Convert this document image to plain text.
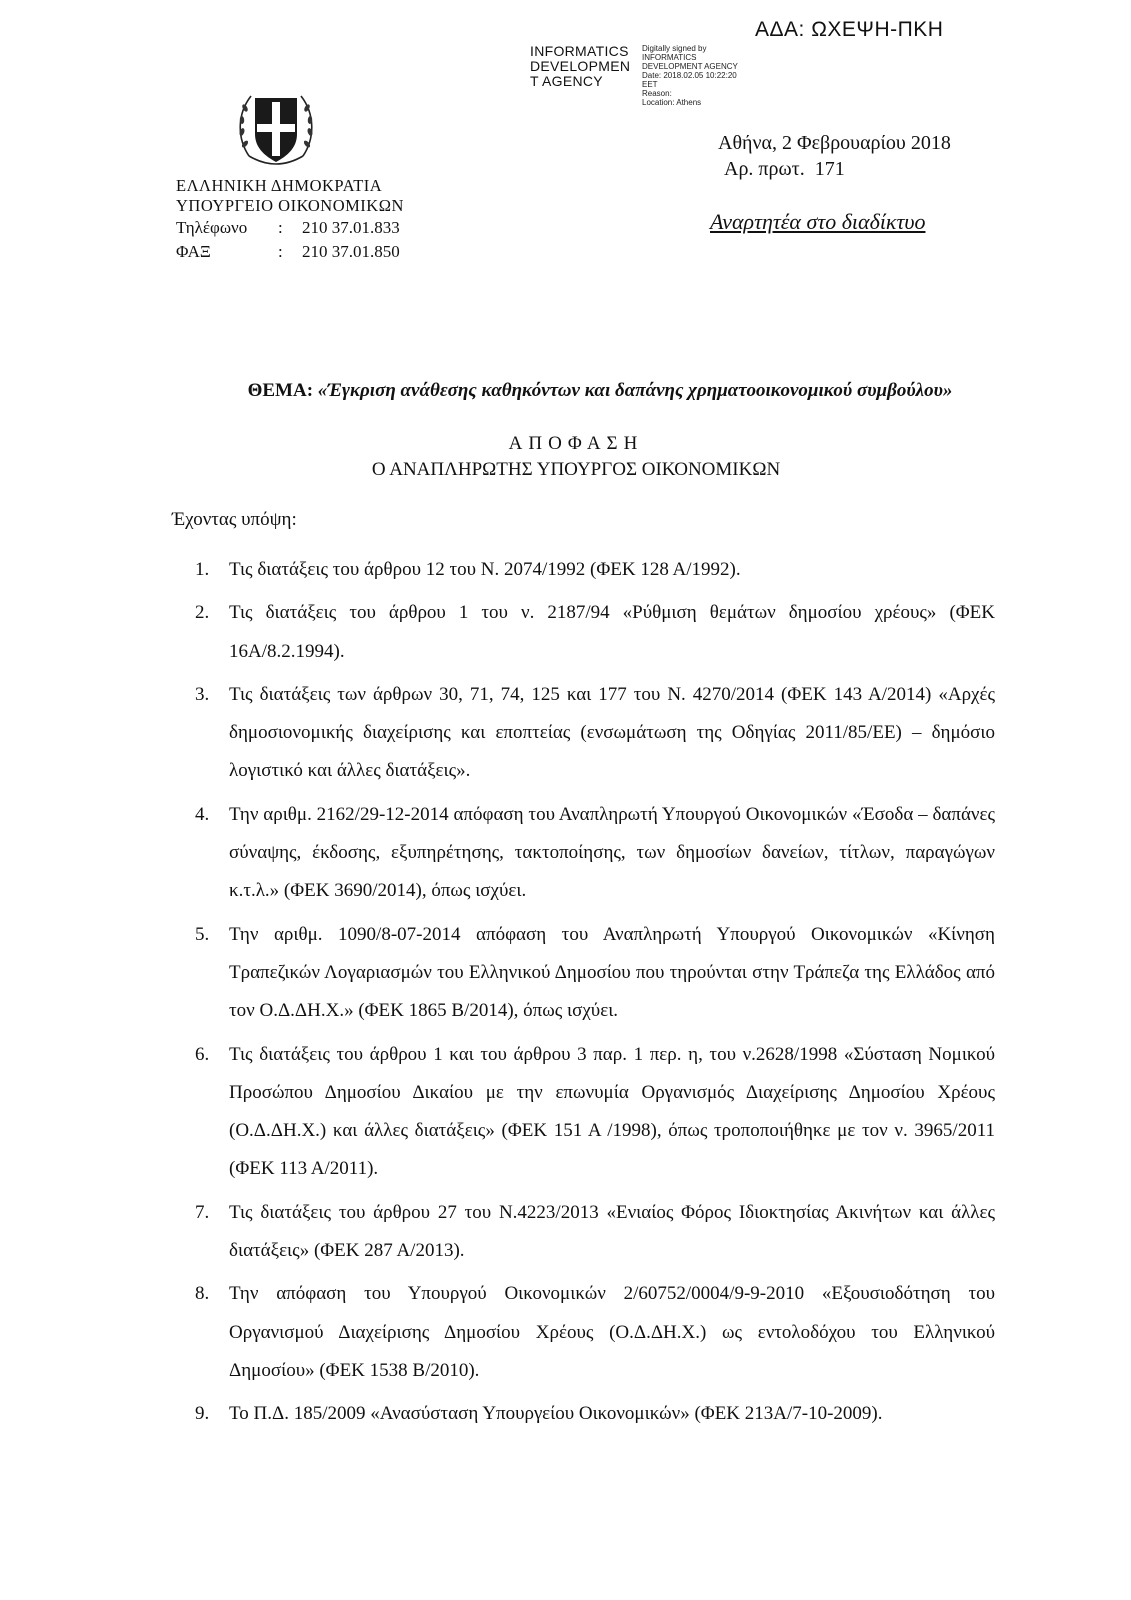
ΑΔΑ: ΩΧΕΨΗ-ΠΚΗ
INFORMATICS
DEVELOPMEN
T AGENCY
Digitally signed by
INFORMATICS
DEVELOPMENT AGENCY
Date: 2018.02.05 10:22:20
EET
Reason:
Location: Athens
ΕΛΛΗΝΙΚΗ ΔΗΜΟΚΡΑΤΙΑ
ΥΠΟΥΡΓΕΙΟ ΟΙΚΟΝΟΜΙΚΩΝ
Τηλέφωνο	:	210 37.01.833
ΦΑΞ	:	210 37.01.850
Αθήνα, 2 Φεβρουαρίου 2018
Αρ. πρωτ. 171
Αναρτητέα στο διαδίκτυο
ΘΕΜΑ: «Έγκριση ανάθεσης καθηκόντων και δαπάνης χρηματοοικονομικού συμβούλου»
ΑΠΟΦΑΣΗ
Ο ΑΝΑΠΛΗΡΩΤΗΣ ΥΠΟΥΡΓΟΣ ΟΙΚΟΝΟΜΙΚΩΝ
Έχοντας υπόψη:
1. Τις διατάξεις του άρθρου 12 του Ν. 2074/1992 (ΦΕΚ 128 Α/1992).
2. Τις διατάξεις του άρθρου 1 του ν. 2187/94 «Ρύθμιση θεμάτων δημοσίου χρέους» (ΦΕΚ 16Α/8.2.1994).
3. Τις διατάξεις των άρθρων 30, 71, 74, 125 και 177 του Ν. 4270/2014 (ΦΕΚ 143 Α/2014) «Αρχές δημοσιονομικής διαχείρισης και εποπτείας (ενσωμάτωση της Οδηγίας 2011/85/ΕΕ) – δημόσιο λογιστικό και άλλες διατάξεις».
4. Την αριθμ. 2162/29-12-2014 απόφαση του Αναπληρωτή Υπουργού Οικονομικών «Έσοδα – δαπάνες σύναψης, έκδοσης, εξυπηρέτησης, τακτοποίησης, των δημοσίων δανείων, τίτλων, παραγώγων κ.τ.λ.» (ΦΕΚ 3690/2014), όπως ισχύει.
5. Την αριθμ. 1090/8-07-2014 απόφαση του Αναπληρωτή Υπουργού Οικονομικών «Κίνηση Τραπεζικών Λογαριασμών του Ελληνικού Δημοσίου που τηρούνται στην Τράπεζα της Ελλάδος από τον Ο.Δ.ΔΗ.Χ.» (ΦΕΚ 1865 Β/2014), όπως ισχύει.
6. Τις διατάξεις του άρθρου 1 και του άρθρου 3 παρ. 1 περ. η, του ν.2628/1998 «Σύσταση Νομικού Προσώπου Δημοσίου Δικαίου με την επωνυμία Οργανισμός Διαχείρισης Δημοσίου Χρέους (Ο.Δ.ΔΗ.Χ.) και άλλες διατάξεις» (ΦΕΚ 151 Α /1998), όπως τροποποιήθηκε με τον ν. 3965/2011 (ΦΕΚ 113 Α/2011).
7. Τις διατάξεις του άρθρου 27 του Ν.4223/2013 «Ενιαίος Φόρος Ιδιοκτησίας Ακινήτων και άλλες διατάξεις» (ΦΕΚ 287 Α/2013).
8. Την απόφαση του Υπουργού Οικονομικών 2/60752/0004/9-9-2010 «Εξουσιοδότηση του Οργανισμού Διαχείρισης Δημοσίου Χρέους (Ο.Δ.ΔΗ.Χ.) ως εντολοδόχου του Ελληνικού Δημοσίου» (ΦΕΚ 1538 Β/2010).
9. Το Π.Δ. 185/2009 «Ανασύσταση Υπουργείου Οικονομικών» (ΦΕΚ 213Α/7-10-2009).
